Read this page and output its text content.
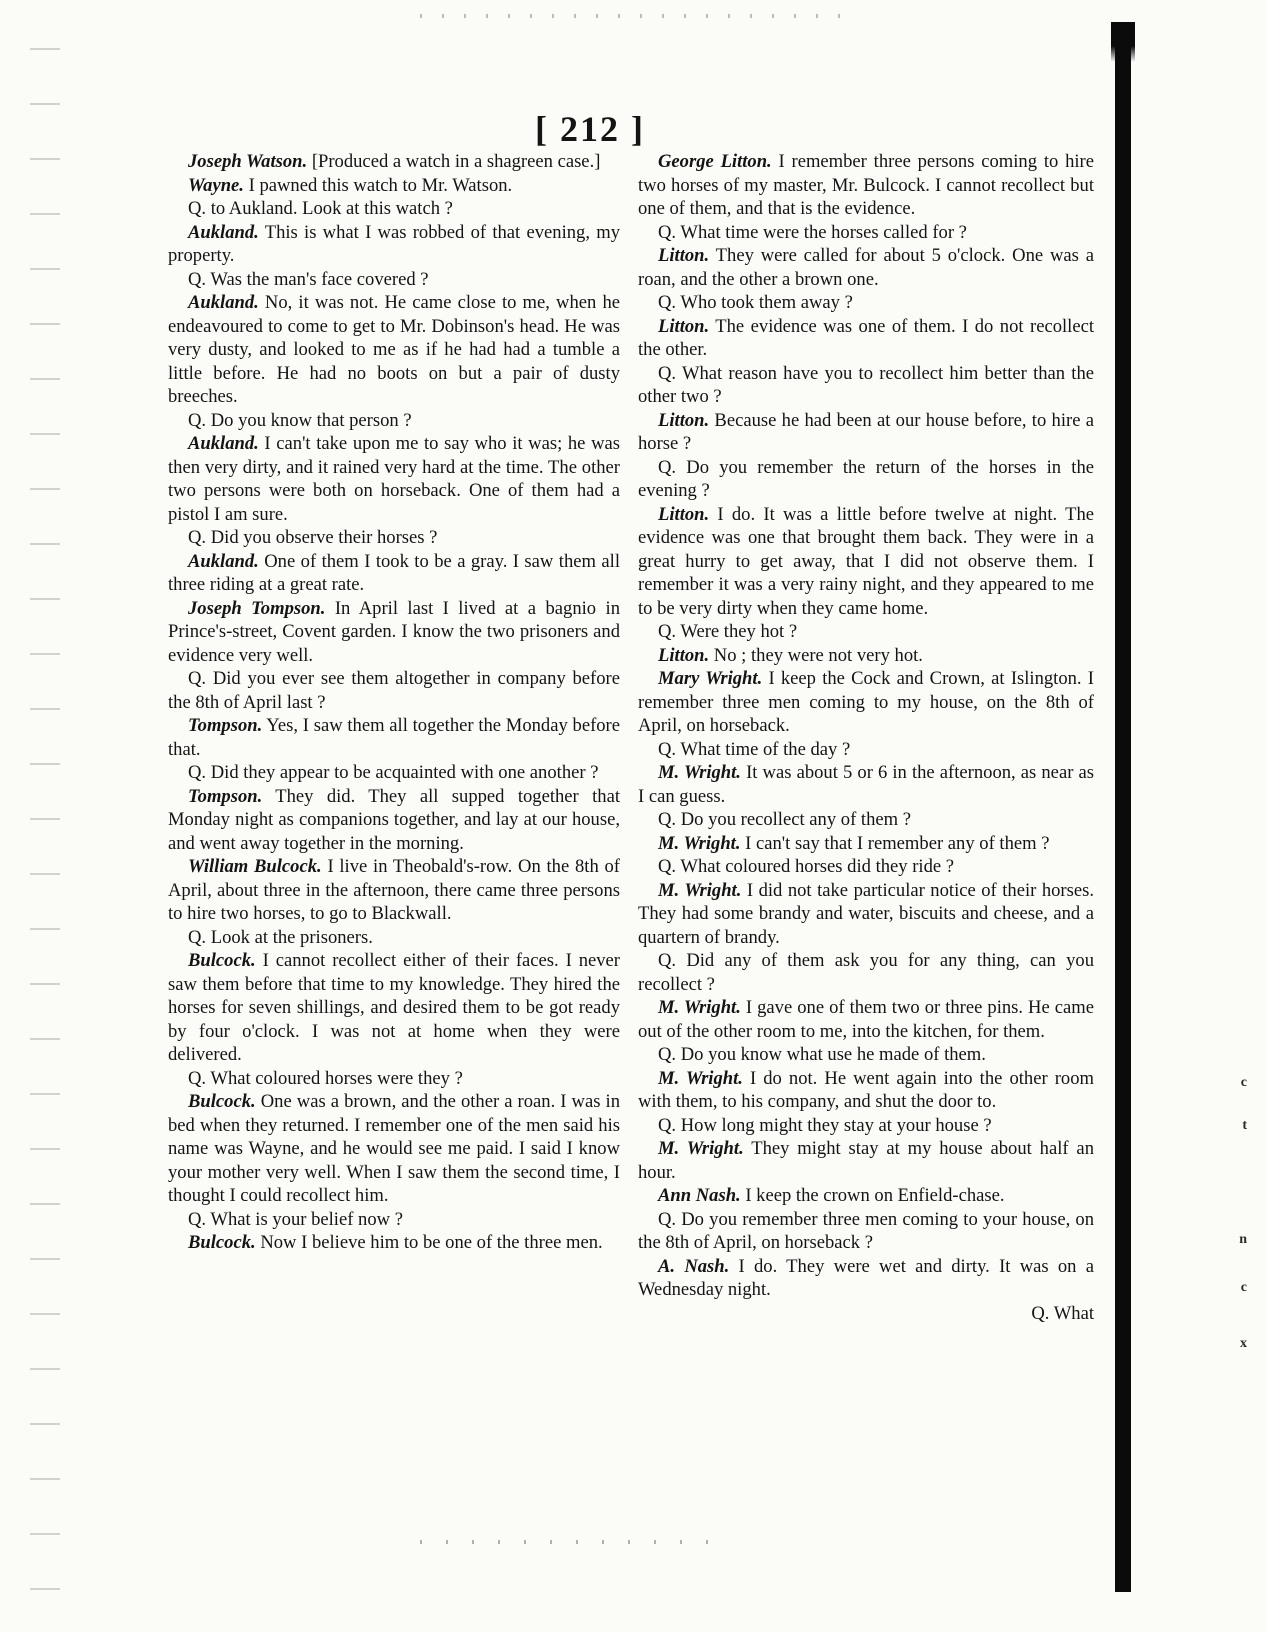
[ 212 ]

Joseph Watson. [Produced a watch in a shagreen case.]

Wayne. I pawned this watch to Mr. Watson.

Q. to Aukland. Look at this watch ?

Aukland. This is what I was robbed of that evening, my property.

Q. Was the man's face covered ?

Aukland. No, it was not. He came close to me, when he endeavoured to come to get to Mr. Dobinson's head. He was very dusty, and looked to me as if he had had a tumble a little before. He had no boots on but a pair of dusty breeches.

Q. Do you know that person ?

Aukland. I can't take upon me to say who it was; he was then very dirty, and it rained very hard at the time. The other two persons were both on horseback. One of them had a pistol I am sure.

Q. Did you observe their horses ?

Aukland. One of them I took to be a gray. I saw them all three riding at a great rate.

Joseph Tompson. In April last I lived at a bagnio in Prince's-street, Covent garden. I know the two prisoners and evidence very well.

Q. Did you ever see them altogether in company before the 8th of April last ?

Tompson. Yes, I saw them all together the Monday before that.

Q. Did they appear to be acquainted with one another ?

Tompson. They did. They all supped together that Monday night as companions together, and lay at our house, and went away together in the morning.

William Bulcock. I live in Theobald's-row. On the 8th of April, about three in the afternoon, there came three persons to hire two horses, to go to Blackwall.

Q. Look at the prisoners.

Bulcock. I cannot recollect either of their faces. I never saw them before that time to my knowledge. They hired the horses for seven shillings, and desired them to be got ready by four o'clock. I was not at home when they were delivered.

Q. What coloured horses were they ?

Bulcock. One was a brown, and the other a roan. I was in bed when they returned. I remember one of the men said his name was Wayne, and he would see me paid. I said I know your mother very well. When I saw them the second time, I thought I could recollect him.

Q. What is your belief now ?

Bulcock. Now I believe him to be one of the three men.

George Litton. I remember three persons coming to hire two horses of my master, Mr. Bulcock. I cannot recollect but one of them, and that is the evidence.

Q. What time were the horses called for ?

Litton. They were called for about 5 o'clock. One was a roan, and the other a brown one.

Q. Who took them away ?

Litton. The evidence was one of them. I do not recollect the other.

Q. What reason have you to recollect him better than the other two ?

Litton. Because he had been at our house before, to hire a horse ?

Q. Do you remember the return of the horses in the evening ?

Litton. I do. It was a little before twelve at night. The evidence was one that brought them back. They were in a great hurry to get away, that I did not observe them. I remember it was a very rainy night, and they appeared to me to be very dirty when they came home.

Q. Were they hot ?

Litton. No ; they were not very hot.

Mary Wright. I keep the Cock and Crown, at Islington. I remember three men coming to my house, on the 8th of April, on horseback.

Q. What time of the day ?

M. Wright. It was about 5 or 6 in the afternoon, as near as I can guess.

Q. Do you recollect any of them ?

M. Wright. I can't say that I remember any of them ?

Q. What coloured horses did they ride ?

M. Wright. I did not take particular notice of their horses. They had some brandy and water, biscuits and cheese, and a quartern of brandy.

Q. Did any of them ask you for any thing, can you recollect ?

M. Wright. I gave one of them two or three pins. He came out of the other room to me, into the kitchen, for them.

Q. Do you know what use he made of them.

M. Wright. I do not. He went again into the other room with them, to his company, and shut the door to.

Q. How long might they stay at your house ?

M. Wright. They might stay at my house about half an hour.

Ann Nash. I keep the crown on Enfield-chase.

Q. Do you remember three men coming to your house, on the 8th of April, on horseback ?

A. Nash. I do. They were wet and dirty. It was on a Wednesday night.

Q. What

c
t
n
c
x
